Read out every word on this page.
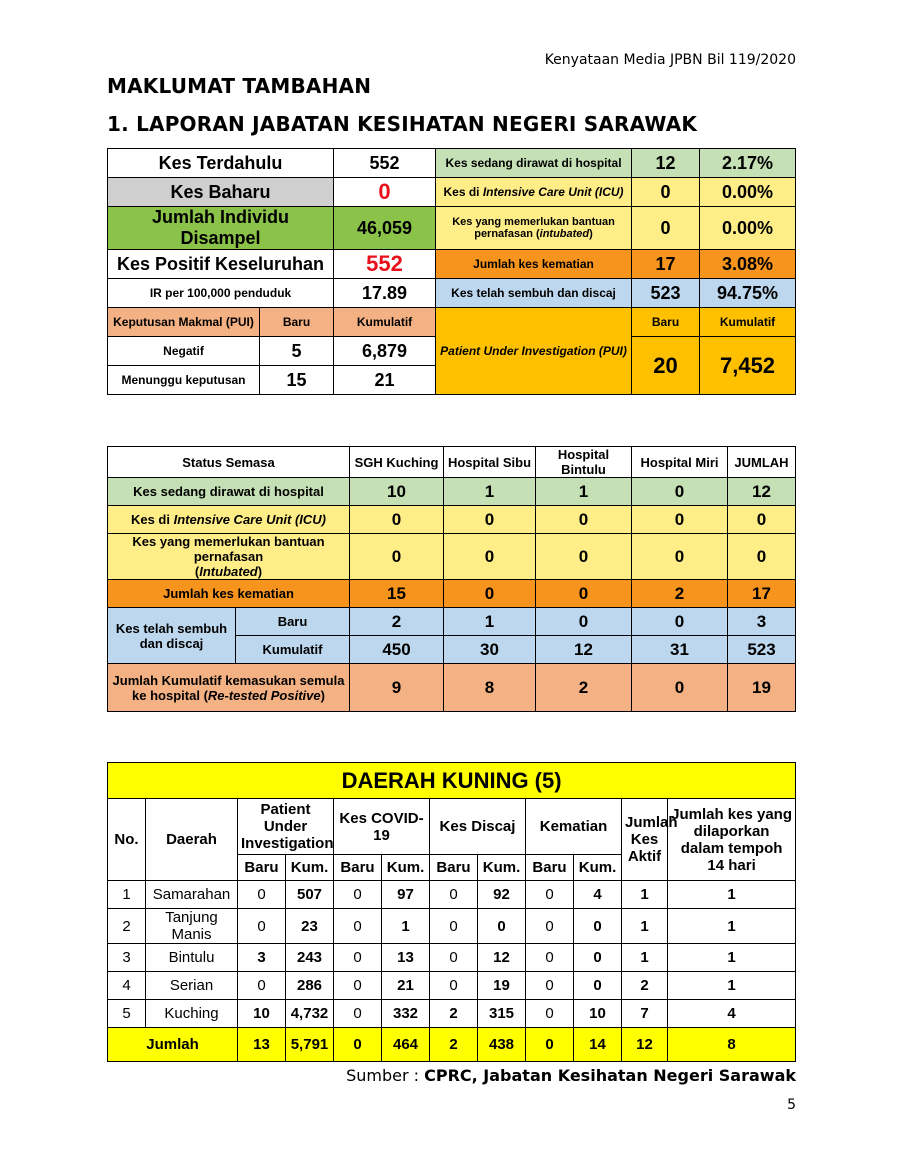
Kenyataan Media JPBN Bil 119/2020
MAKLUMAT TAMBAHAN
1. LAPORAN JABATAN KESIHATAN NEGERI SARAWAK
Kes Terdahulu		552	Kes sedang dirawat di hospital	12	2.17%
Kes Baharu		0	Kes di Intensive Care Unit (ICU)	0	0.00%
Jumlah Individu Disampel		46,059	Kes yang memerlukan bantuan pernafasan (intubated)	0	0.00%
Kes Positif Keseluruhan		552	Jumlah kes kematian	17	3.08%
IR per 100,000 penduduk		17.89	Kes telah sembuh dan discaj	523	94.75%
Keputusan Makmal (PUI)	Baru	Kumulatif	Patient Under Investigation (PUI)	Baru	Kumulatif
Negatif	5	6,879		20	7,452
Menunggu keputusan	15	21			
Status Semasa		SGH Kuching	Hospital Sibu	Hospital Bintulu	Hospital Miri	JUMLAH
Kes sedang dirawat di hospital		10	1	1	0	12
Kes di Intensive Care Unit (ICU)		0	0	0	0	0
Kes yang memerlukan bantuan pernafasan
(Intubated)		0	0	0	0	0
Jumlah kes kematian		15	0	0	2	17
Kes telah sembuh dan discaj	Baru	2	1	0	0	3
	Kumulatif	450	30	12	31	523
Jumlah Kumulatif kemasukan semula ke hospital (Re-tested Positive)		9	8	2	0	19
DAERAH KUNING (5)											
No.	Daerah	Patient Under Investigation		Kes COVID-19		Kes Discaj		Kematian		Jumlah Kes Aktif	Jumlah kes yang dilaporkan dalam tempoh 14 hari
		Baru	Kum.	Baru	Kum.	Baru	Kum.	Baru	Kum.		
1	Samarahan	0	507	0	97	0	92	0	4	1	1
2	Tanjung Manis	0	23	0	1	0	0	0	0	1	1
3	Bintulu	3	243	0	13	0	12	0	0	1	1
4	Serian	0	286	0	21	0	19	0	0	2	1
5	Kuching	10	4,732	0	332	2	315	0	10	7	4
Jumlah		13	5,791	0	464	2	438	0	14	12	8
Sumber : CPRC, Jabatan Kesihatan Negeri Sarawak
5
